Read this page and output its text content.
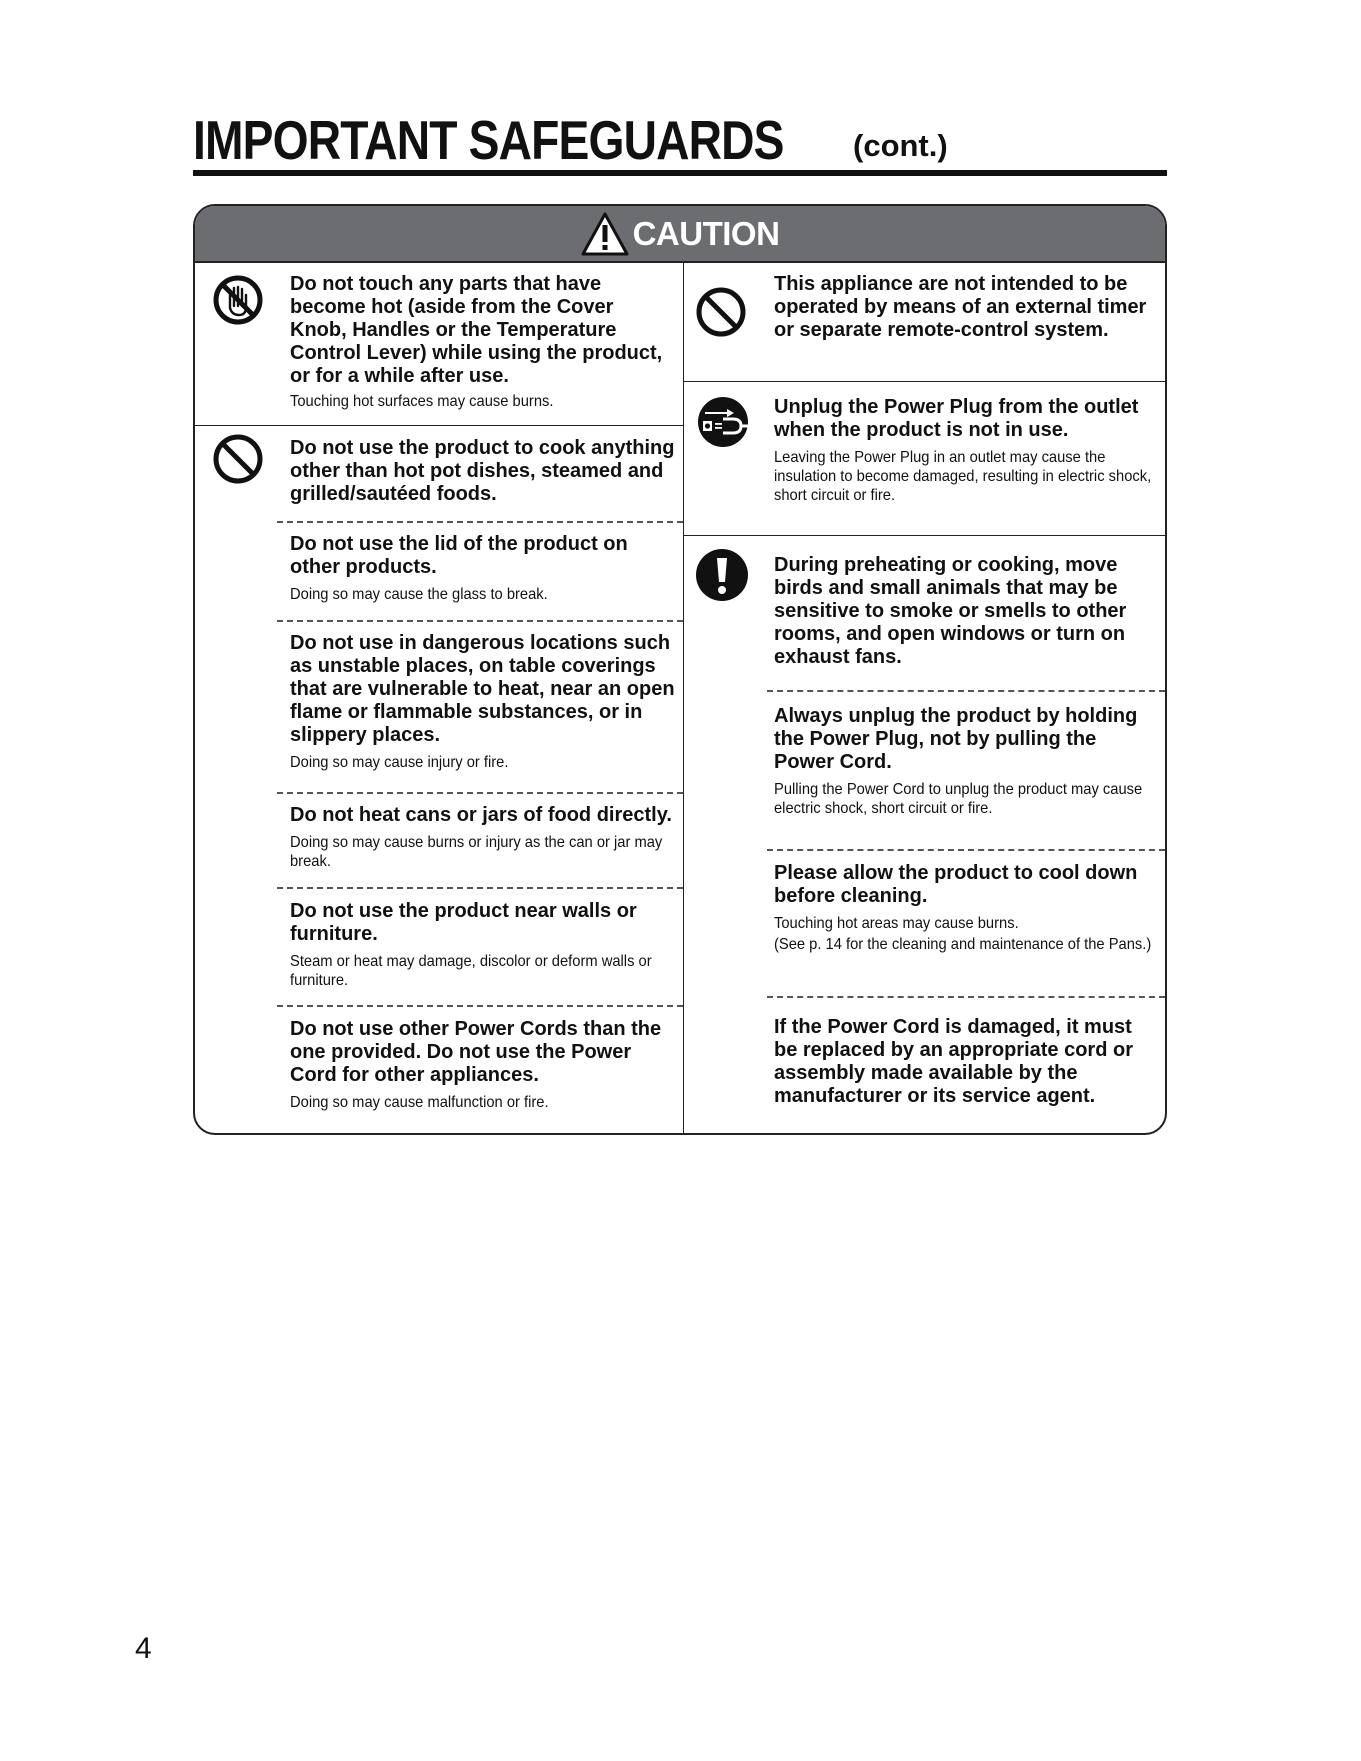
IMPORTANT SAFEGUARDS (cont.)
CAUTION

Do not touch any parts that have become hot (aside from the Cover Knob, Handles or the Temperature Control Lever) while using the product, or for a while after use.

Touching hot surfaces may cause burns.

Do not use the product to cook anything other than hot pot dishes, steamed and grilled/sautéed foods.

Do not use the lid of the product on other products.

Doing so may cause the glass to break.

Do not use in dangerous locations such as unstable places, on table coverings that are vulnerable to heat, near an open flame or flammable substances, or in slippery places.

Doing so may cause injury or fire.

Do not heat cans or jars of food directly.

Doing so may cause burns or injury as the can or jar may break.

Do not use the product near walls or furniture.

Steam or heat may damage, discolor or deform walls or furniture.

Do not use other Power Cords than the one provided. Do not use the Power Cord for other appliances.

Doing so may cause malfunction or fire.

This appliance are not intended to be operated by means of an external timer or separate remote-control system.

Unplug the Power Plug from the outlet when the product is not in use.

Leaving the Power Plug in an outlet may cause the insulation to become damaged, resulting in electric shock, short circuit or fire.

During preheating or cooking, move birds and small animals that may be sensitive to smoke or smells to other rooms, and open windows or turn on exhaust fans.

Always unplug the product by holding the Power Plug, not by pulling the Power Cord.

Pulling the Power Cord to unplug the product may cause electric shock, short circuit or fire.

Please allow the product to cool down before cleaning.

Touching hot areas may cause burns.

(See p. 14 for the cleaning and maintenance of the Pans.)

If the Power Cord is damaged, it must be replaced by an appropriate cord or assembly made available by the manufacturer or its service agent.

4
